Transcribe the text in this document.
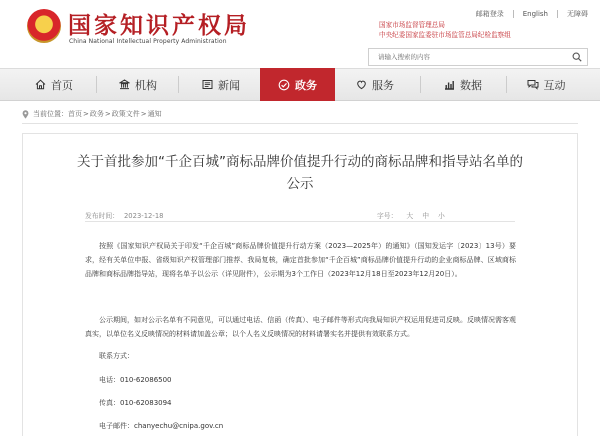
★ 国家知识产权局
China National Intellectual Property Administration
邮箱登录	English	无障碍
国家市场监督管理总局
中央纪委国家监委驻市场监管总局纪检监察组
请输入搜索的内容
首页	机构	新闻	政务	服务	数据	互动
当前位置： 首页 > 政务 > 政策文件 > 通知
关于首批参加“千企百城”商标品牌价值提升行动的商标品牌和指导站名单的
公示
发布时间： 2023-12-18	字号： 大 中 小
按照《国家知识产权局关于印发“千企百城”商标品牌价值提升行动方案（2023—2025年）的通知》（国知发运字〔2023〕13号）要求，经有关单位申报、省级知识产权管理部门推荐、我局复核，确定首批参加“千企百城”商标品牌价值提升行动的企业商标品牌、区域商标品牌和商标品牌指导站，现将名单予以公示（详见附件），公示期为3个工作日（2023年12月18日至2023年12月20日）。
公示期间，如对公示名单有不同意见，可以通过电话、信函（传真）、电子邮件等形式向我局知识产权运用促进司反映。反映情况需客观真实，以单位名义反映情况的材料请加盖公章；以个人名义反映情况的材料请署实名并提供有效联系方式。
联系方式：
电话：010-62086500
传真：010-62083094
电子邮件：chanyechu@cnipa.gov.cn
